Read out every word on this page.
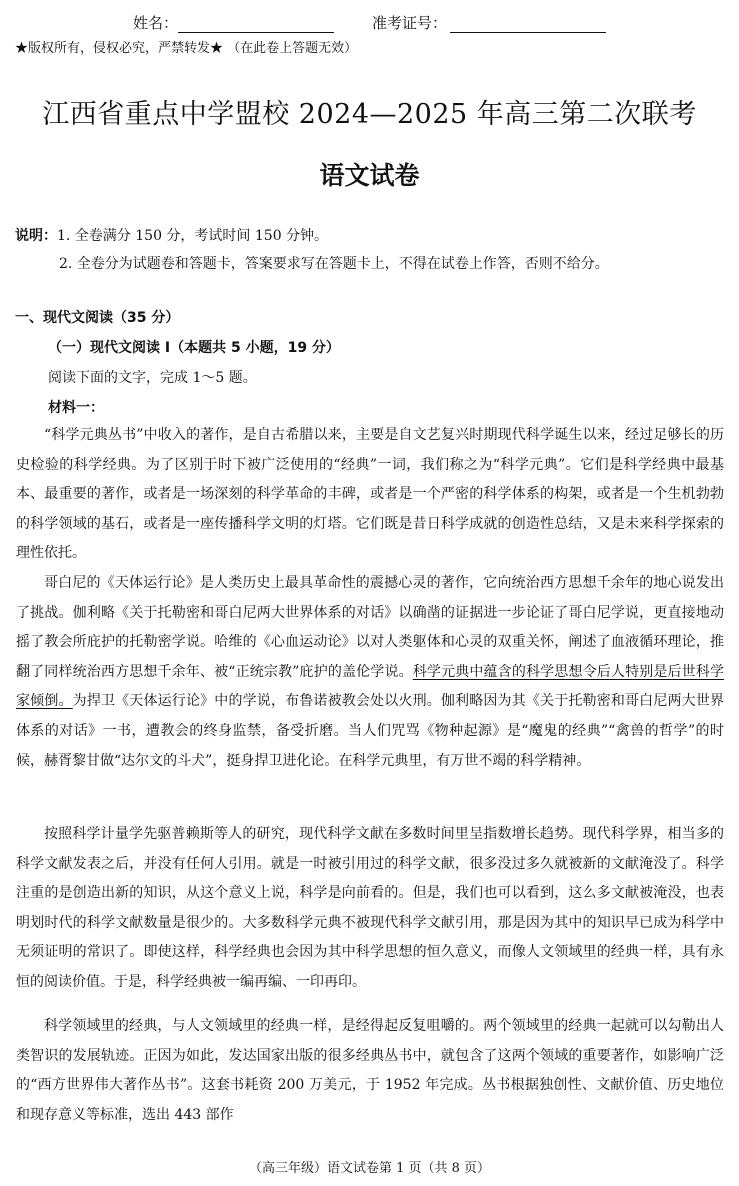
姓名：	准考证号：
★版权所有，侵权必究，严禁转发★ （在此卷上答题无效）
江西省重点中学盟校 2024—2025 年高三第二次联考
语文试卷
说明：1. 全卷满分 150 分，考试时间 150 分钟。
2. 全卷分为试题卷和答题卡，答案要求写在答题卡上，不得在试卷上作答，否则不给分。
一、现代文阅读（35 分）
（一）现代文阅读 I（本题共 5 小题，19 分）
阅读下面的文字，完成 1～5 题。
材料一：

“科学元典丛书”中收入的著作，是自古希腊以来，主要是自文艺复兴时期现代科学诞生以来，经过足够长的历史检验的科学经典。为了区别于时下被广泛使用的“经典”一词，我们称之为“科学元典”。它们是科学经典中最基本、最重要的著作，或者是一场深刻的科学革命的丰碑，或者是一个严密的科学体系的构架，或者是一个生机勃勃的科学领域的基石，或者是一座传播科学文明的灯塔。它们既是昔日科学成就的创造性总结，又是未来科学探索的理性依托。

哥白尼的《天体运行论》是人类历史上最具革命性的震撼心灵的著作，它向统治西方思想千余年的地心说发出了挑战。伽利略《关于托勒密和哥白尼两大世界体系的对话》以确凿的证据进一步论证了哥白尼学说，更直接地动摇了教会所庇护的托勒密学说。哈维的《心血运动论》以对人类躯体和心灵的双重关怀，阐述了血液循环理论，推翻了同样统治西方思想千余年、被“正统宗教”庇护的盖伦学说。科学元典中蕴含的科学思想令后人特别是后世科学家倾倒。为捍卫《天体运行论》中的学说，布鲁诺被教会处以火刑。伽利略因为其《关于托勒密和哥白尼两大世界体系的对话》一书，遭教会的终身监禁，备受折磨。当人们咒骂《物种起源》是“魔鬼的经典”“禽兽的哲学”的时候，赫胥黎甘做“达尔文的斗犬”，挺身捍卫进化论。在科学元典里，有万世不竭的科学精神。

按照科学计量学先驱普赖斯等人的研究，现代科学文献在多数时间里呈指数增长趋势。现代科学界，相当多的科学文献发表之后，并没有任何人引用。就是一时被引用过的科学文献，很多没过多久就被新的文献淹没了。科学注重的是创造出新的知识，从这个意义上说，科学是向前看的。但是，我们也可以看到，这么多文献被淹没，也表明划时代的科学文献数量是很少的。大多数科学元典不被现代科学文献引用，那是因为其中的知识早已成为科学中无须证明的常识了。即使这样，科学经典也会因为其中科学思想的恒久意义，而像人文领域里的经典一样，具有永恒的阅读价值。于是，科学经典被一编再编、一印再印。

科学领域里的经典，与人文领域里的经典一样，是经得起反复咀嚼的。两个领域里的经典一起就可以勾勒出人类智识的发展轨迹。正因为如此，发达国家出版的很多经典丛书中，就包含了这两个领域的重要著作，如影响广泛的“西方世界伟大著作丛书”。这套书耗资 200 万美元，于 1952 年完成。丛书根据独创性、文献价值、历史地位和现存意义等标准，选出 443 部作

（高三年级）语文试卷第 1 页（共 8 页）
